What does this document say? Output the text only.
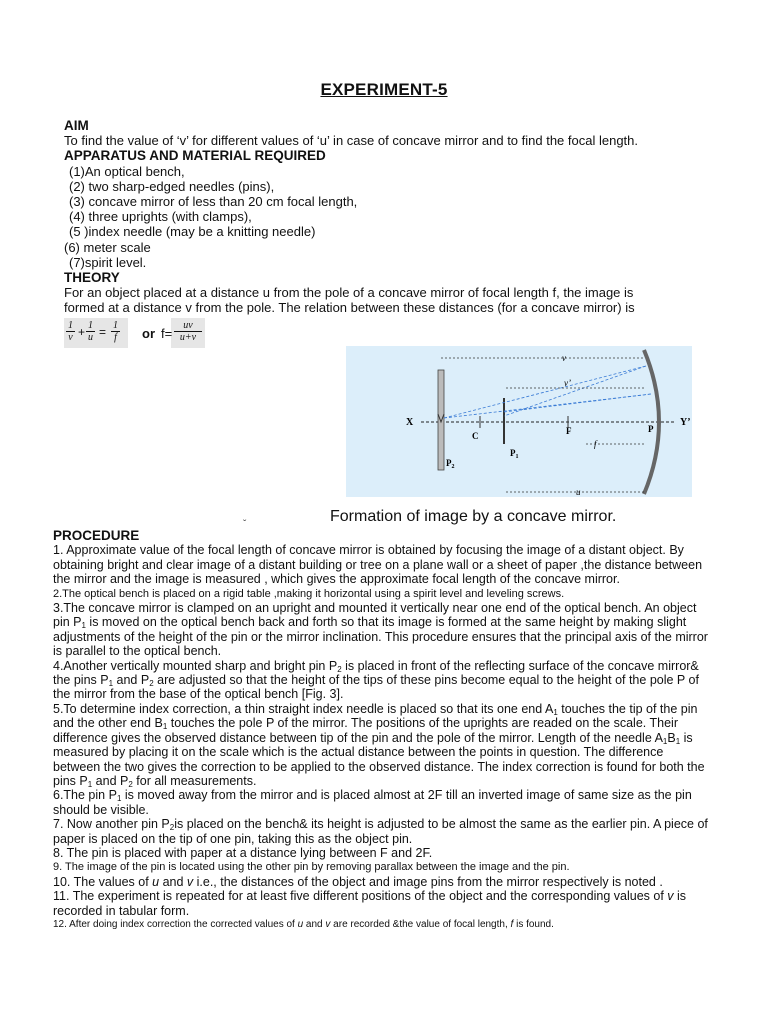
EXPERIMENT-5
AIM
To find the value of ‘v’ for different values of ‘u’ in case of concave mirror and to find the focal length.
APPARATUS AND MATERIAL REQUIRED
(1)An optical bench,
(2) two sharp-edged needles (pins),
(3) concave mirror of less than 20 cm focal length,
(4) three uprights (with clamps),
(5 )index needle (may be a knitting needle)
(6) meter scale
(7)spirit level.
THEORY
For an object placed at a distance u from the pole of a concave mirror of focal length f, the image is
formed at a distance v from the pole. The relation between these distances (for a concave mirror) is
$\frac{1}{v} + \frac{1}{u} = \frac{1}{f}$ or $f= \frac{uv}{u+v}$
X	Y’
C	F	P
$P_1$
$P_2$
v
v’
f
u
Formation of image by a concave mirror.
ˇ

PROCEDURE

1. Approximate value of the focal length of concave mirror is obtained by focusing the image of a distant object. By obtaining bright and clear image of a distant building or tree on a plane wall or a sheet of paper ,the distance between the mirror and the image is measured , which gives the approximate focal length of the concave mirror.

2.The optical bench is placed on a rigid table ,making it horizontal using a spirit level and leveling screws.

3.The concave mirror is clamped on an upright and mounted it vertically near one end of the optical bench. An object pin $P_1$ is moved on the optical bench back and forth so that its image is formed at the same height by making slight adjustments of the height of the pin or the mirror inclination. This procedure ensures that the principal axis of the mirror is parallel to the optical bench.

4.Another vertically mounted sharp and bright pin $P_2$ is placed in front of the reflecting surface of the concave mirror& the pins $P_1$ and $P_2$ are adjusted so that the height of the tips of these pins become equal to the height of the pole P of the mirror from the base of the optical bench [Fig. 3].

5.To determine index correction, a thin straight index needle is placed so that its one end $A_1$ touches the tip of the pin and the other end $B_1$ touches the pole P of the mirror. The positions of the uprights are readed on the scale. Their difference gives the observed distance between tip of the pin and the pole of the mirror. Length of the needle $A_1B_1$ is measured by placing it on the scale which is the actual distance between the points in question. The difference between the two gives the correction to be applied to the observed distance. The index correction is found for both the pins $P_1$ and $P_2$ for all measurements.

6.The pin $P_1$ is moved away from the mirror and is placed almost at 2F till an inverted image of same size as the pin should be visible.

7. Now another pin $P_2is$ placed on the bench& its height is adjusted to be almost the same as the earlier pin. A piece of paper is placed on the tip of one pin, taking this as the object pin.

8. The pin is placed with paper at a distance lying between F and 2F.

9. The image of the pin is located using the other pin by removing parallax between the image and the pin.

10. The values of u and v i.e., the distances of the object and image pins from the mirror respectively is noted .

11. The experiment is repeated for at least five different positions of the object and the corresponding values of v is recorded in tabular form.

12. After doing index correction the corrected values of u and v are recorded &the value of focal length, f is found.
